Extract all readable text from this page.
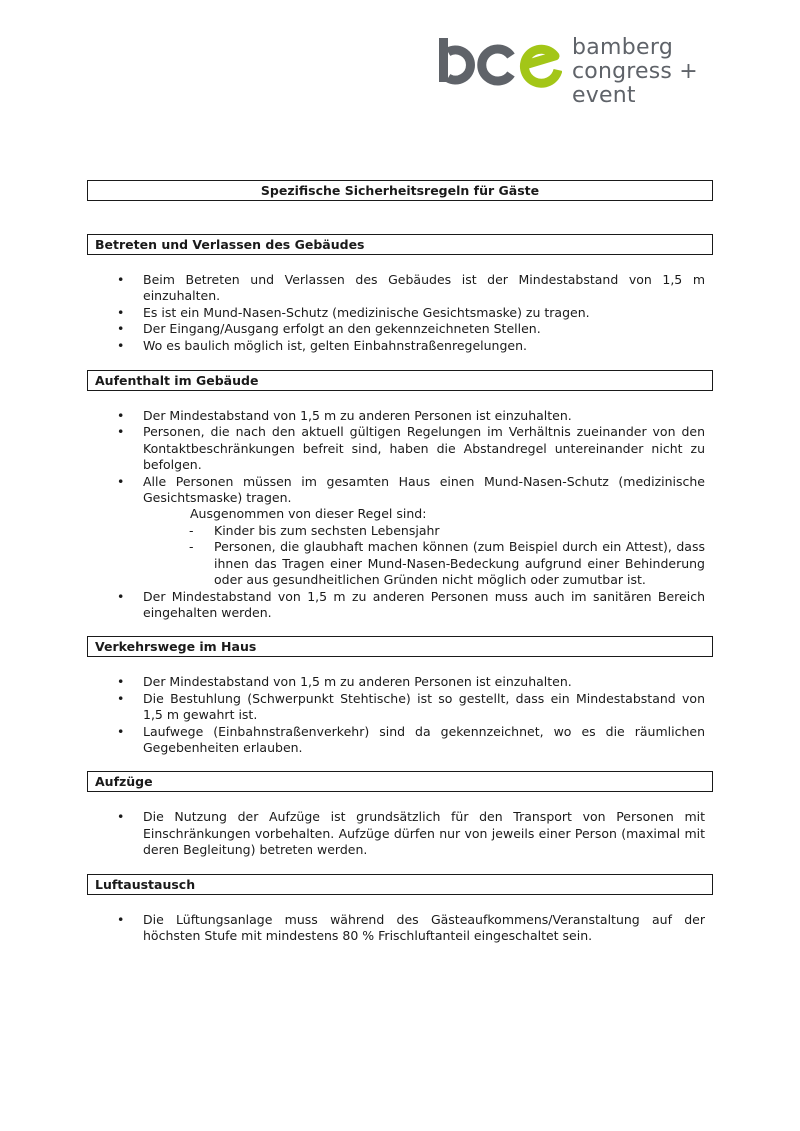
bamberg
congress + event
Spezifische Sicherheitsregeln für Gäste
Betreten und Verlassen des Gebäudes
• Beim Betreten und Verlassen des Gebäudes ist der Mindestabstand von 1,5 m einzuhalten.
• Es ist ein Mund-Nasen-Schutz (medizinische Gesichtsmaske) zu tragen.
• Der Eingang/Ausgang erfolgt an den gekennzeichneten Stellen.
• Wo es baulich möglich ist, gelten Einbahnstraßenregelungen.
Aufenthalt im Gebäude
• Der Mindestabstand von 1,5 m zu anderen Personen ist einzuhalten.
• Personen, die nach den aktuell gültigen Regelungen im Verhältnis zueinander von den Kontaktbeschränkungen befreit sind, haben die Abstandregel untereinander nicht zu befolgen.
• Alle Personen müssen im gesamten Haus einen Mund-Nasen-Schutz (medizinische Gesichtsmaske) tragen.
Ausgenommen von dieser Regel sind:
- Kinder bis zum sechsten Lebensjahr
- Personen, die glaubhaft machen können (zum Beispiel durch ein Attest), dass ihnen das Tragen einer Mund-Nasen-Bedeckung aufgrund einer Behinderung oder aus gesundheitlichen Gründen nicht möglich oder zumutbar ist.
• Der Mindestabstand von 1,5 m zu anderen Personen muss auch im sanitären Bereich eingehalten werden.
Verkehrswege im Haus
• Der Mindestabstand von 1,5 m zu anderen Personen ist einzuhalten.
• Die Bestuhlung (Schwerpunkt Stehtische) ist so gestellt, dass ein Mindestabstand von 1,5 m gewahrt ist.
• Laufwege (Einbahnstraßenverkehr) sind da gekennzeichnet, wo es die räumlichen Gegebenheiten erlauben.
Aufzüge
• Die Nutzung der Aufzüge ist grundsätzlich für den Transport von Personen mit Einschränkungen vorbehalten. Aufzüge dürfen nur von jeweils einer Person (maximal mit deren Begleitung) betreten werden.
Luftaustausch
• Die Lüftungsanlage muss während des Gästeaufkommens/Veranstaltung auf der höchsten Stufe mit mindestens 80 % Frischluftanteil eingeschaltet sein.
